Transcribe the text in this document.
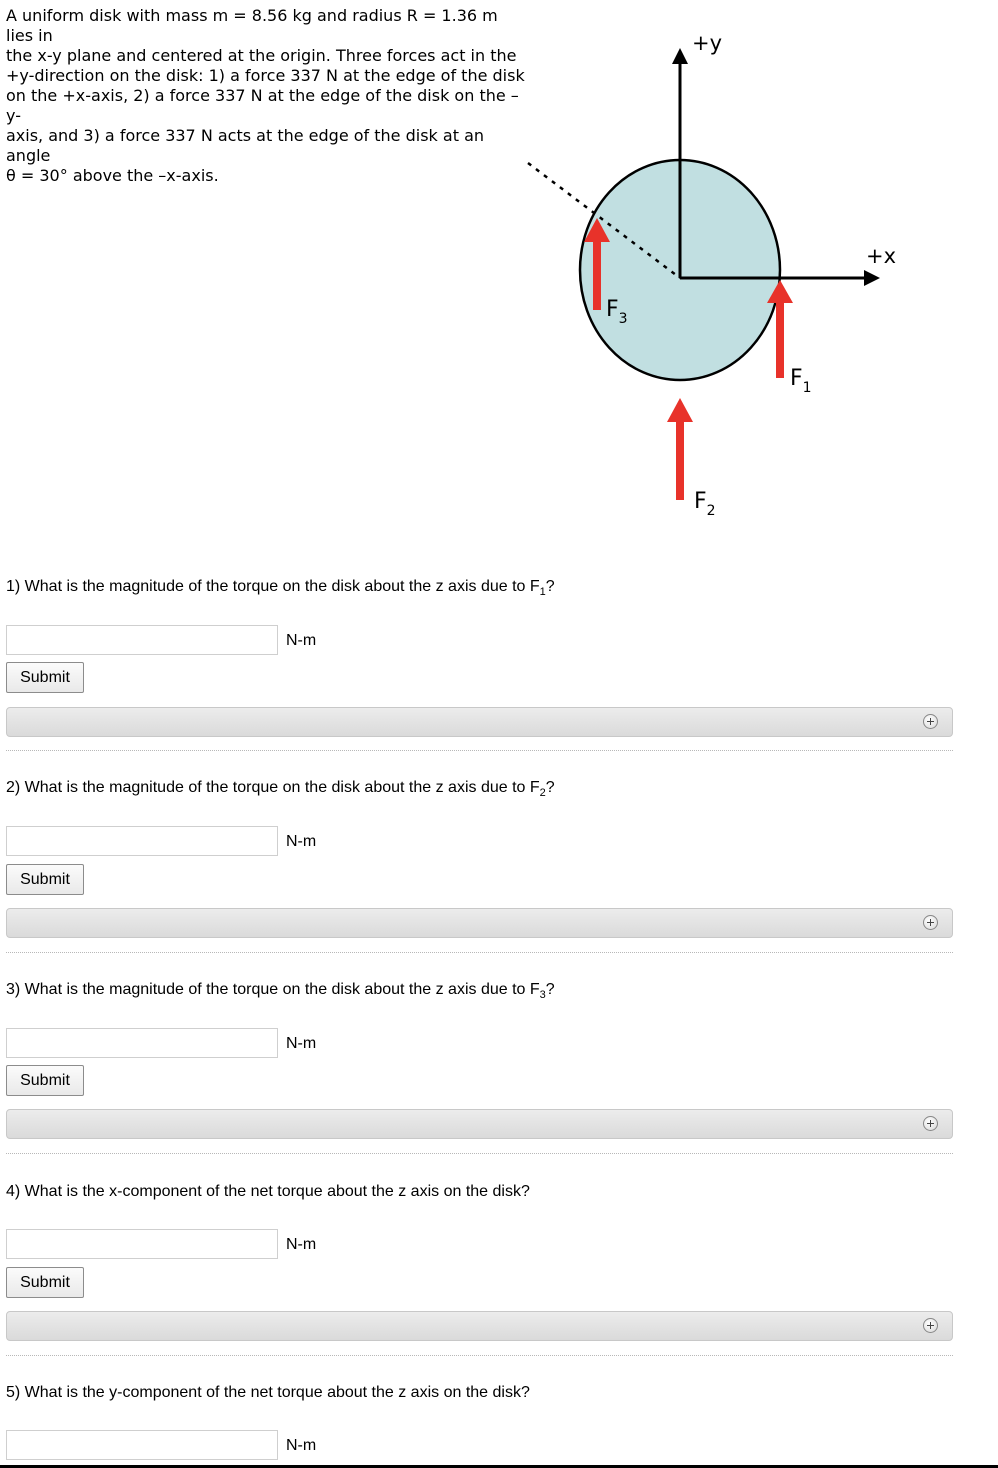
A uniform disk with mass m = 8.56 kg and radius R = 1.36 m lies in
the x-y plane and centered at the origin. Three forces act in the
+y-direction on the disk: 1) a force 337 N at the edge of the disk
on the +x-axis, 2) a force 337 N at the edge of the disk on the –y-
axis, and 3) a force 337 N acts at the edge of the disk at an angle
θ = 30° above the –x-axis.
+y
+x
$F_3$
$F_1$
$F_2$
1) What is the magnitude of the torque on the disk about the z axis due to $F_1$?
N-m
Submit
2) What is the magnitude of the torque on the disk about the z axis due to $F_2$?
N-m
Submit
3) What is the magnitude of the torque on the disk about the z axis due to $F_3$?
N-m
Submit
4) What is the x-component of the net torque about the z axis on the disk?
N-m
Submit
5) What is the y-component of the net torque about the z axis on the disk?
N-m
